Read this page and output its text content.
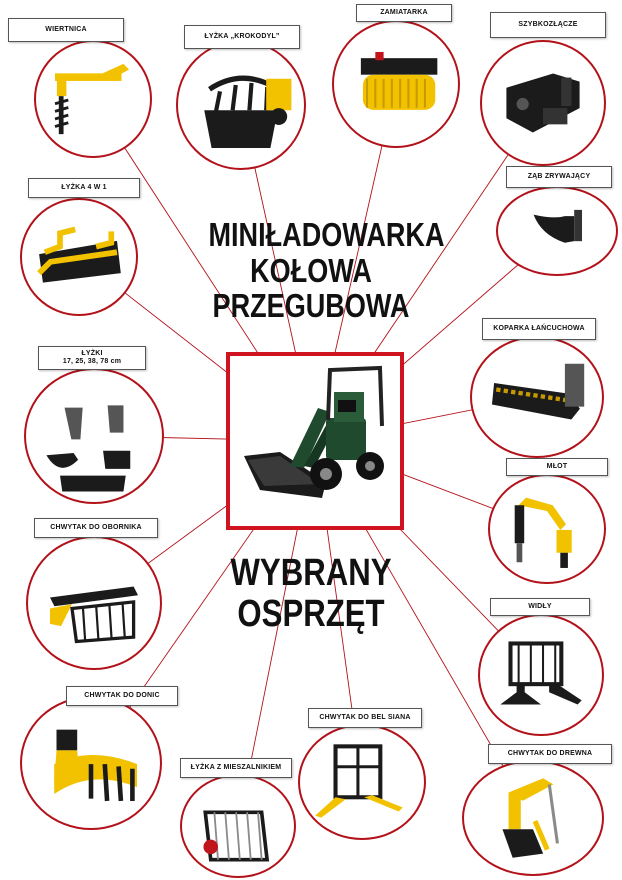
MINIŁADOWARKA
KOŁOWA
PRZEGUBOWA
WYBRANY
OSPRZĘT
WIERTNICA
ŁYŻKA „KROKODYL”
ZAMIATARKA
SZYBKOZŁĄCZE
ŁYŻKA 4 W 1
ZĄB ZRYWAJĄCY
KOPARKA ŁAŃCUCHOWA
ŁYŻKI
17, 25, 38, 78 cm
MŁOT
CHWYTAK DO OBORNIKA
WIDŁY
CHWYTAK DO DONIC
CHWYTAK DO BEL SIANA
ŁYŻKA Z MIESZALNIKIEM
CHWYTAK DO DREWNA
